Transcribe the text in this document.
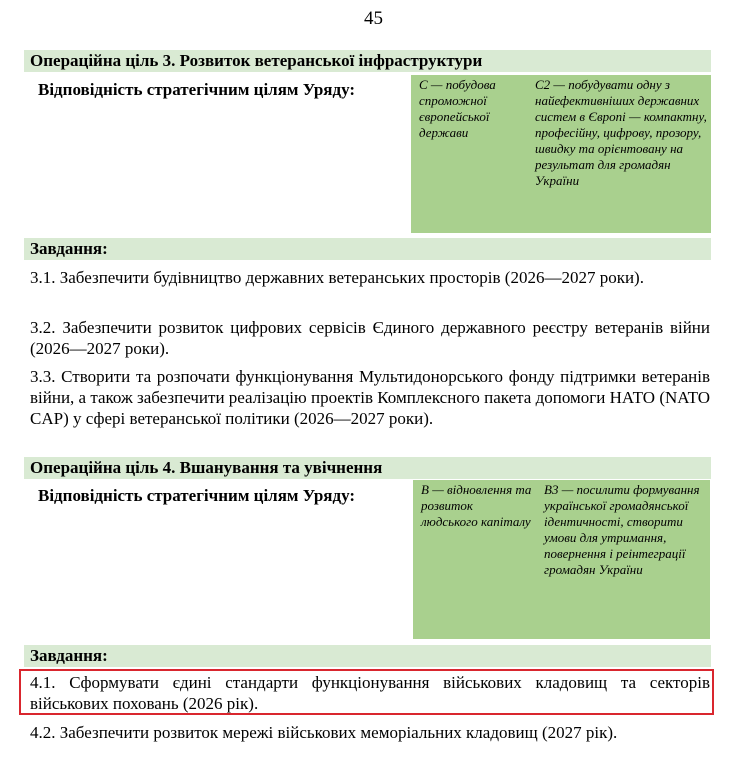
45
Операційна ціль 3. Розвиток ветеранської інфраструктури
Відповідність стратегічним цілям Уряду:	С — побудова спроможної європейської держави
С2 — побудувати одну з найефективніших державних систем в Європі — компактну, професійну, цифрову, прозору, швидку та орієнтовану на результат для громадян України
Завдання:
3.1. Забезпечити будівництво державних ветеранських просторів (2026—2027 роки).
3.2. Забезпечити розвиток цифрових сервісів Єдиного державного реєстру ветеранів війни (2026—2027 роки).
3.3. Створити та розпочати функціонування Мультидонорського фонду підтримки ветеранів війни, а також забезпечити реалізацію проектів Комплексного пакета допомоги НАТО (NATO CAP) у сфері ветеранської політики (2026—2027 роки).
Операційна ціль 4. Вшанування та увічнення
Відповідність стратегічним цілям Уряду:	В — відновлення та розвиток людського капіталу
В3 — посилити формування української громадянської ідентичності, створити умови для утримання, повернення і реінтеграції громадян України
Завдання:
4.1. Сформувати єдині стандарти функціонування військових кладовищ та секторів військових поховань (2026 рік).
4.2. Забезпечити розвиток мережі військових меморіальних кладовищ (2027 рік).
